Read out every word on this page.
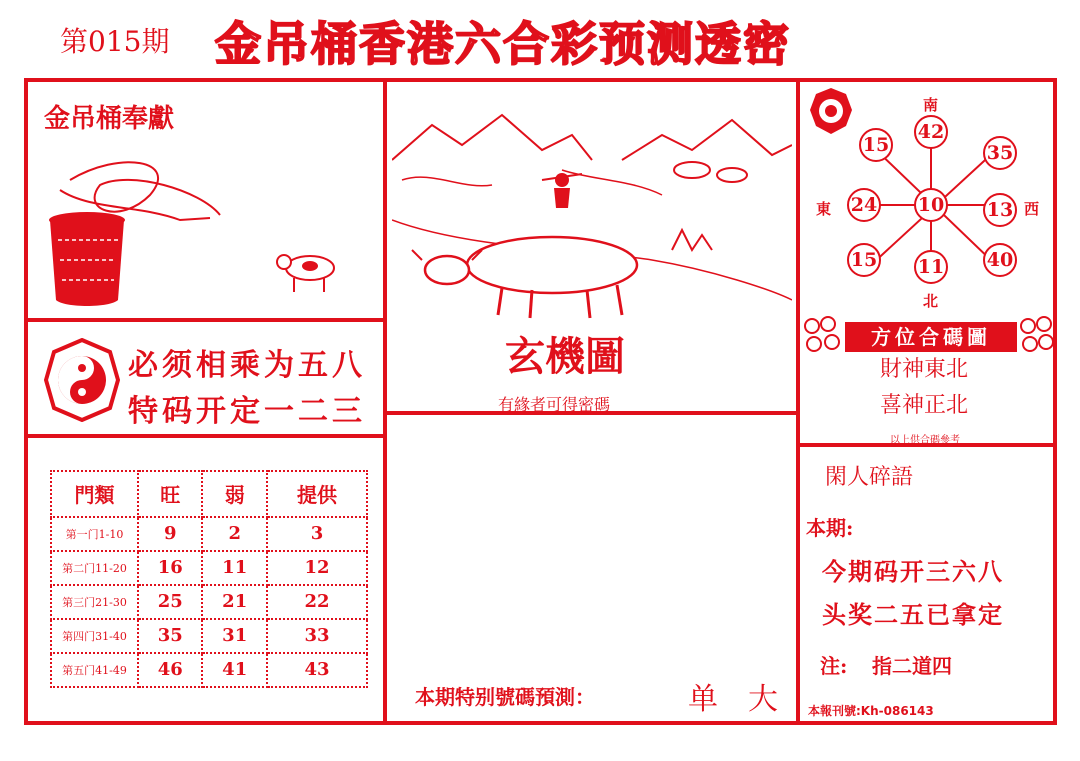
第015期 金吊桶香港六合彩预测透密
金吊桶奉獻
必须相乘为五八
特码开定一二三
門類	旺	弱	提供
第一门1-10	9	2	3
第二门11-20	16	11	12
第三门21-30	25	21	22
第四门31-40	35	31	33
第五门41-49	46	41	43
玄機圖
有緣者可得密碼
本期特别號碼預測：	单大
南
北
東	西
42
15	35
24 10 13
15 11 40
方位合碼圖
財神東北
喜神正北
以上供合碼參考
閑人碎語
本期:
今期码开三六八
头奖二五已拿定
注: 指二道四
本報刊號:Kh-086143
